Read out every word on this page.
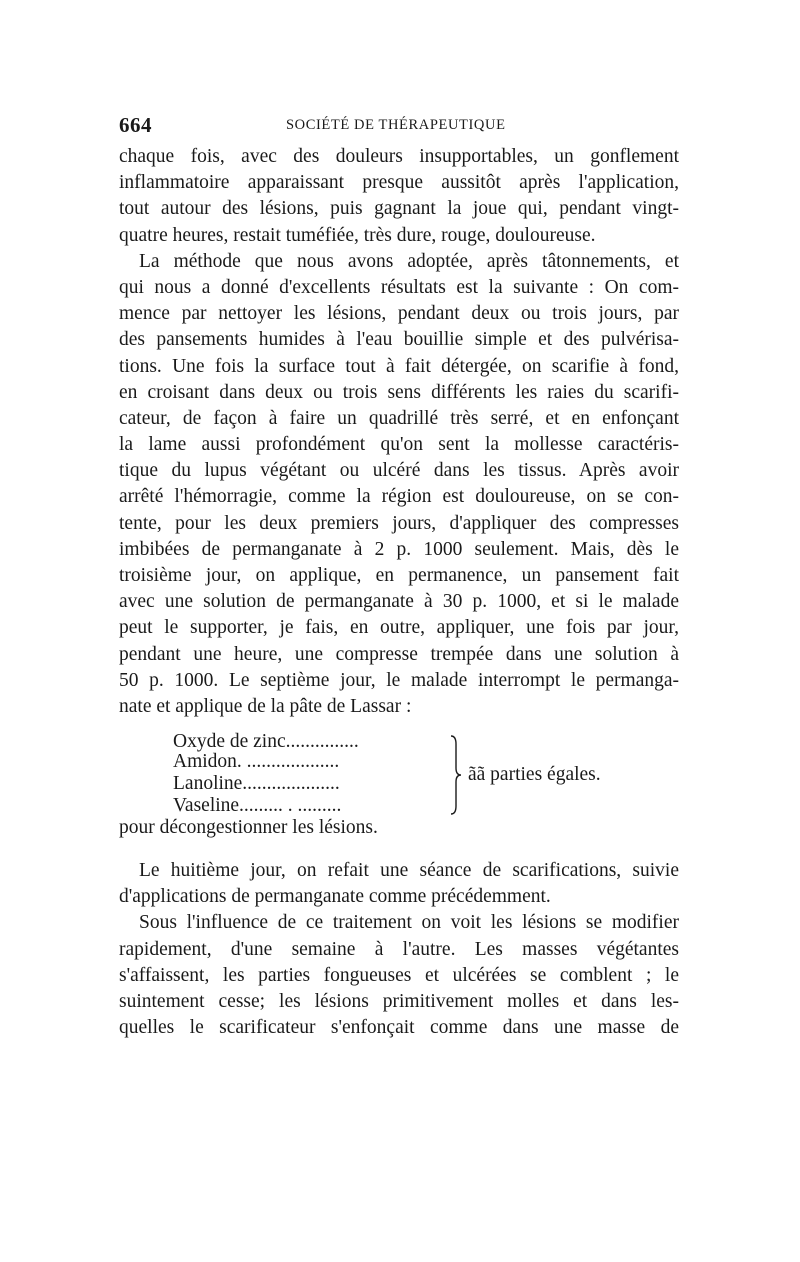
664	SOCIÉTÉ DE THÉRAPEUTIQUE
chaque fois, avec des douleurs insupportables, un gonflement
inflammatoire apparaissant presque aussitôt après l'application,
tout autour des lésions, puis gagnant la joue qui, pendant vingt-
quatre heures, restait tuméfiée, très dure, rouge, douloureuse.
La méthode que nous avons adoptée, après tâtonnements, et
qui nous a donné d'excellents résultats est la suivante : On com-
mence par nettoyer les lésions, pendant deux ou trois jours, par
des pansements humides à l'eau bouillie simple et des pulvérisa-
tions. Une fois la surface tout à fait détergée, on scarifie à fond,
en croisant dans deux ou trois sens différents les raies du scarifi-
cateur, de façon à faire un quadrillé très serré, et en enfonçant
la lame aussi profondément qu'on sent la mollesse caractéris-
tique du lupus végétant ou ulcéré dans les tissus. Après avoir
arrêté l'hémorragie, comme la région est douloureuse, on se con-
tente, pour les deux premiers jours, d'appliquer des compresses
imbibées de permanganate à 2 p. 1000 seulement. Mais, dès le
troisième jour, on applique, en permanence, un pansement fait
avec une solution de permanganate à 30 p. 1000, et si le malade
peut le supporter, je fais, en outre, appliquer, une fois par jour,
pendant une heure, une compresse trempée dans une solution à
50 p. 1000. Le septième jour, le malade interrompt le permanga-
nate et applique de la pâte de Lassar :
Oxyde de zinc...............
Amidon. ...................
Lanoline....................
Vaseline......... . .........
ãã parties égales.
pour décongestionner les lésions.
Le huitième jour, on refait une séance de scarifications, suivie
d'applications de permanganate comme précédemment.
Sous l'influence de ce traitement on voit les lésions se modifier
rapidement, d'une semaine à l'autre. Les masses végétantes
s'affaissent, les parties fongueuses et ulcérées se comblent ; le
suintement cesse; les lésions primitivement molles et dans les-
quelles le scarificateur s'enfonçait comme dans une masse de
